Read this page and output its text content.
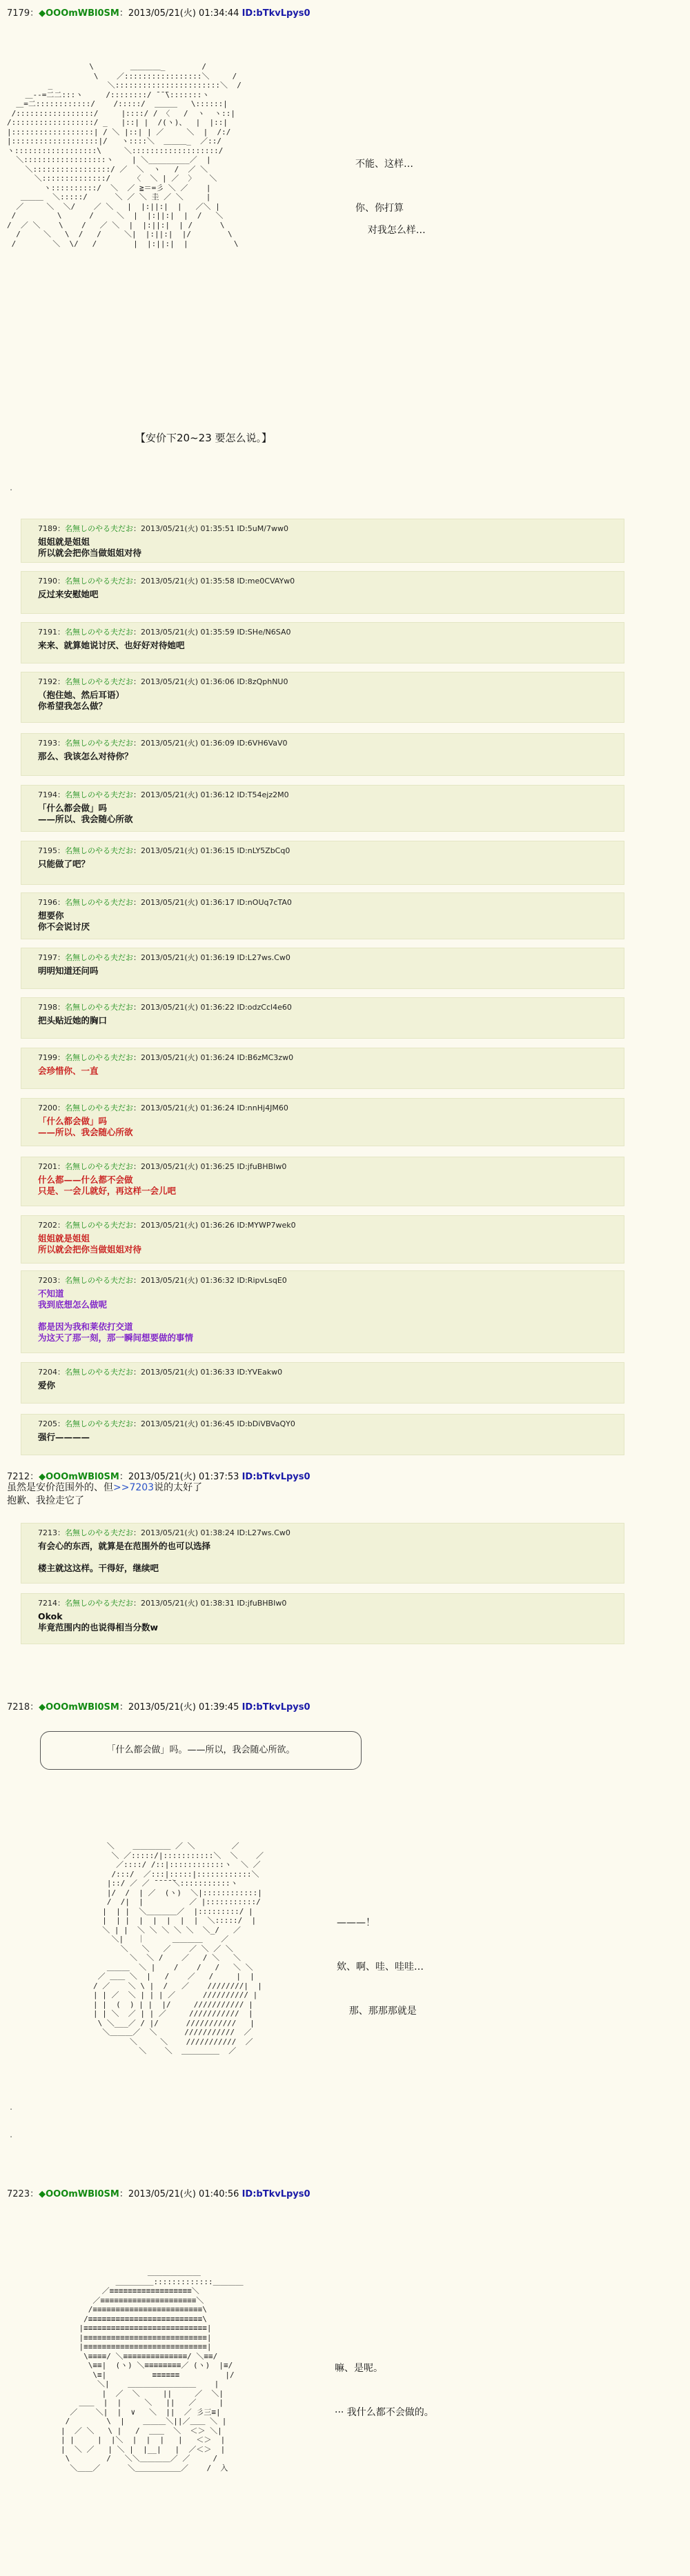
7179：◆OOOmWBl0SM：2013/05/21(火) 01:34:44 ID:bTkvLpys0
\        ＿＿＿＿_        /
\    ／:::::::::::::::::＼     /
_            ＼:::::::::::::::::::::::＼  /
＿--=二二:::ヽ     /::::::::/ ̄ ̄ ̄\:::::::ヽ
＿=二::::::::::::/    /:::::/  ＿＿＿   \::::::|
/:::::::::::::::::/     |::::/ / 〈   /  ヽ  ヽ::|
/::::::::::::::::::/ _   |::| |  /(ヽ)、  |  |::|
|::::::::::::::::::| / ＼ |::| | ／     ＼  |  /:/
|:::::::::::::::::::|/   ヽ::::＼  ＿＿＿_  ／::/
ヽ::::::::::::::::::\     ＼:::::::::::::::::::/
＼::::::::::::::::::ヽ    | ＼_________／  |
＼:::::::::::::::::/ ／  ＼  ヽ   /  ／ ＼
＼::::::::::::::/     〈  ＼ | ／  〉   ＼
ヽ::::::::::/  ＼  ／ ≧＝=彡 ＼ ／    |
＿＿＿  ＼:::::/      ＼ ／ ＼ 圭 ／ ＼     |
／     ＼  ＼/    ／ ＼   |  |:||:|  |   ／＼ |
/         \      /     ＼  |  |:||:|  |  /   ＼
/  ／ ＼    \    /   ／ ＼  |  |:||:|  | /      \
/     ＼   \  /   /     ＼|  |:||:|  |/        \
/        ＼  \/   /        |  |:||:|  |          \
不能、这样…

你、你打算
对我怎么样…
【安价下20~23 要怎么说。】
.
7189：名無しのやる夫だお：2013/05/21(火) 01:35:51 ID:5uM/7ww0
姐姐就是姐姐
所以就会把你当做姐姐对待
7190：名無しのやる夫だお：2013/05/21(火) 01:35:58 ID:me0CVAYw0
反过来安慰她吧
7191：名無しのやる夫だお：2013/05/21(火) 01:35:59 ID:SHe/N6SA0
来来、就算她说讨厌、也好好对待她吧
7192：名無しのやる夫だお：2013/05/21(火) 01:36:06 ID:8zQphNU0
（抱住她、然后耳语）
你希望我怎么做？
7193：名無しのやる夫だお：2013/05/21(火) 01:36:09 ID:6VH6VaV0
那么、我该怎么对待你？
7194：名無しのやる夫だお：2013/05/21(火) 01:36:12 ID:T54ejz2M0
「什么都会做」吗
——所以、我会随心所欲
7195：名無しのやる夫だお：2013/05/21(火) 01:36:15 ID:nLY5ZbCq0
只能做了吧？
7196：名無しのやる夫だお：2013/05/21(火) 01:36:17 ID:nOUq7cTA0
想要你
你不会说讨厌
7197：名無しのやる夫だお：2013/05/21(火) 01:36:19 ID:L27ws.Cw0
明明知道还问吗
7198：名無しのやる夫だお：2013/05/21(火) 01:36:22 ID:odzCcl4e60
把头贴近她的胸口
7199：名無しのやる夫だお：2013/05/21(火) 01:36:24 ID:B6zMC3zw0
会珍惜你、一直
7200：名無しのやる夫だお：2013/05/21(火) 01:36:24 ID:nnHj4JM60
「什么都会做」吗
——所以、我会随心所欲
7201：名無しのやる夫だお：2013/05/21(火) 01:36:25 ID:jfuBHBIw0
什么都——什么都不会做
只是、一会儿就好，再这样一会儿吧
7202：名無しのやる夫だお：2013/05/21(火) 01:36:26 ID:MYWP7wek0
姐姐就是姐姐
所以就会把你当做姐姐对待
7203：名無しのやる夫だお：2013/05/21(火) 01:36:32 ID:RipvLsqE0
不知道
我到底想怎么做呢

都是因为我和莱依打交道
为这天了那一刻，那一瞬间想要做的事情
7204：名無しのやる夫だお：2013/05/21(火) 01:36:33 ID:YVEakw0
爱你
7205：名無しのやる夫だお：2013/05/21(火) 01:36:45 ID:bDiVBVaQY0
强行————
7212：◆OOOmWBl0SM：2013/05/21(火) 01:37:53 ID:bTkvLpys0
虽然是安价范围外的、但>>7203说的太好了
抱歉、我捡走它了
7213：名無しのやる夫だお：2013/05/21(火) 01:38:24 ID:L27ws.Cw0
有会心的东西，就算是在范围外的也可以选择

楼主就这这样。干得好，继续吧
7214：名無しのやる夫だお：2013/05/21(火) 01:38:31 ID:jfuBHBIw0
Okok
毕竟范围内的也说得相当分数w
7218：◆OOOmWBl0SM：2013/05/21(火) 01:39:45 ID:bTkvLpys0
「什么都会做」吗。——所以，我会随心所欲。
＼    ＿＿＿＿＿ ／ ＼        ／
＼ ／:::::/|:::::::::::＼  ＼    ／
／::::/ /::|::::::::::::ヽ  ＼ ／
/:::/  ／:::|:::::|::::::::::::＼
|::/ ／ ／ ̄ ̄ ̄ ̄ ̄＼:::::::::::ヽ
|/  /  | ／  (ヽ)  ＼|::::::::::::|
/  /|  |          ／ |:::::::::::/
|  | |  ＼＿＿＿＿／  |:::::::::/ |
|  | |  |  |  |  |  |  ＼:::::/  |
＼ | |  ＼ ＼ ＼ ＼ ＼  ＼_/   ／
＼|   ｜      ＿＿＿＿    ／
＼   ＼   ／    ／ ＼ ／ ＼
＼  ＼ /    ／   / ＼   ＼
＿＿＿  ＼ |    /    /   /   ＼ ＼
／ ＿＿ ＼  |   /    ／   /     |  |
/ ／    ＼ \ |  /   ／    ////////|  |
| | ／  ＼ | | | ／      ////////// |
| |  (  ) | |  |/     /////////// |
| | ＼  ／ | | ／     ///////////  |
\ ＼___／ / |/      ///////////   |
＼＿＿＿／  ＼      ///////////  ／
＼     ＼    ///////////  ／
＼    ＼  ＿＿＿＿＿  ／
———！

欸、啊、哇、哇哇…

那、那那那就是
.
.
7223：◆OOOmWBl0SM：2013/05/21(火) 01:40:56 ID:bTkvLpys0
＿＿＿＿＿＿＿
＿＿＿＿＿:::::::::::::＿＿＿＿
／≡≡≡≡≡≡≡≡≡≡≡≡≡≡≡≡≡≡＼
／≡≡≡≡≡≡≡≡≡≡≡≡≡≡≡≡≡≡≡≡≡＼
/≡≡≡≡≡≡≡≡≡≡≡≡≡≡≡≡≡≡≡≡≡≡≡≡\
/≡≡≡≡≡≡≡≡≡≡≡≡≡≡≡≡≡≡≡≡≡≡≡≡≡\
|≡≡≡≡≡≡≡≡≡≡≡≡≡≡≡≡≡≡≡≡≡≡≡≡≡≡≡|
|≡≡≡≡≡≡≡≡≡≡≡≡≡≡≡≡≡≡≡≡≡≡≡≡≡≡≡|
|≡≡≡≡≡≡≡≡≡≡≡≡≡≡≡≡≡≡≡≡≡≡≡≡≡≡≡|
\≡≡≡≡/ ＼≡≡≡≡≡≡≡≡≡≡≡≡≡≡/ ＼≡≡/
\≡≡|  (ヽ) ＼≡≡≡≡≡≡≡≡／ (ヽ)  |≡/
\≡|          ≡≡≡≡≡≡          |/
＼|    ＿＿＿＿＿＿＿＿＿    |
|  ／  ＼     ||     ／  ＼|
＿＿  |  |     ＼   ||   ／     |
／    ＼|  |  ∨   ＼  ||  ／ 彡三≡|
/        \  |    ＿＿＿＼||／＿＿ ＼ |
|  ／ ＼   \ |   /  ＿＿  ＼  ＜＞ ＼|
| |     |  |＼  |  |  |   |   ＜＞  |
|  ＼ ／   | ＼ |  |__|   |  ／＜＞  |
\        /   ＼＼＿＿＿＿／ ／     /
＼＿＿／      ＼＿＿＿＿＿＿／    /  入
嘛、是呢。

··· 我什么都不会做的。
